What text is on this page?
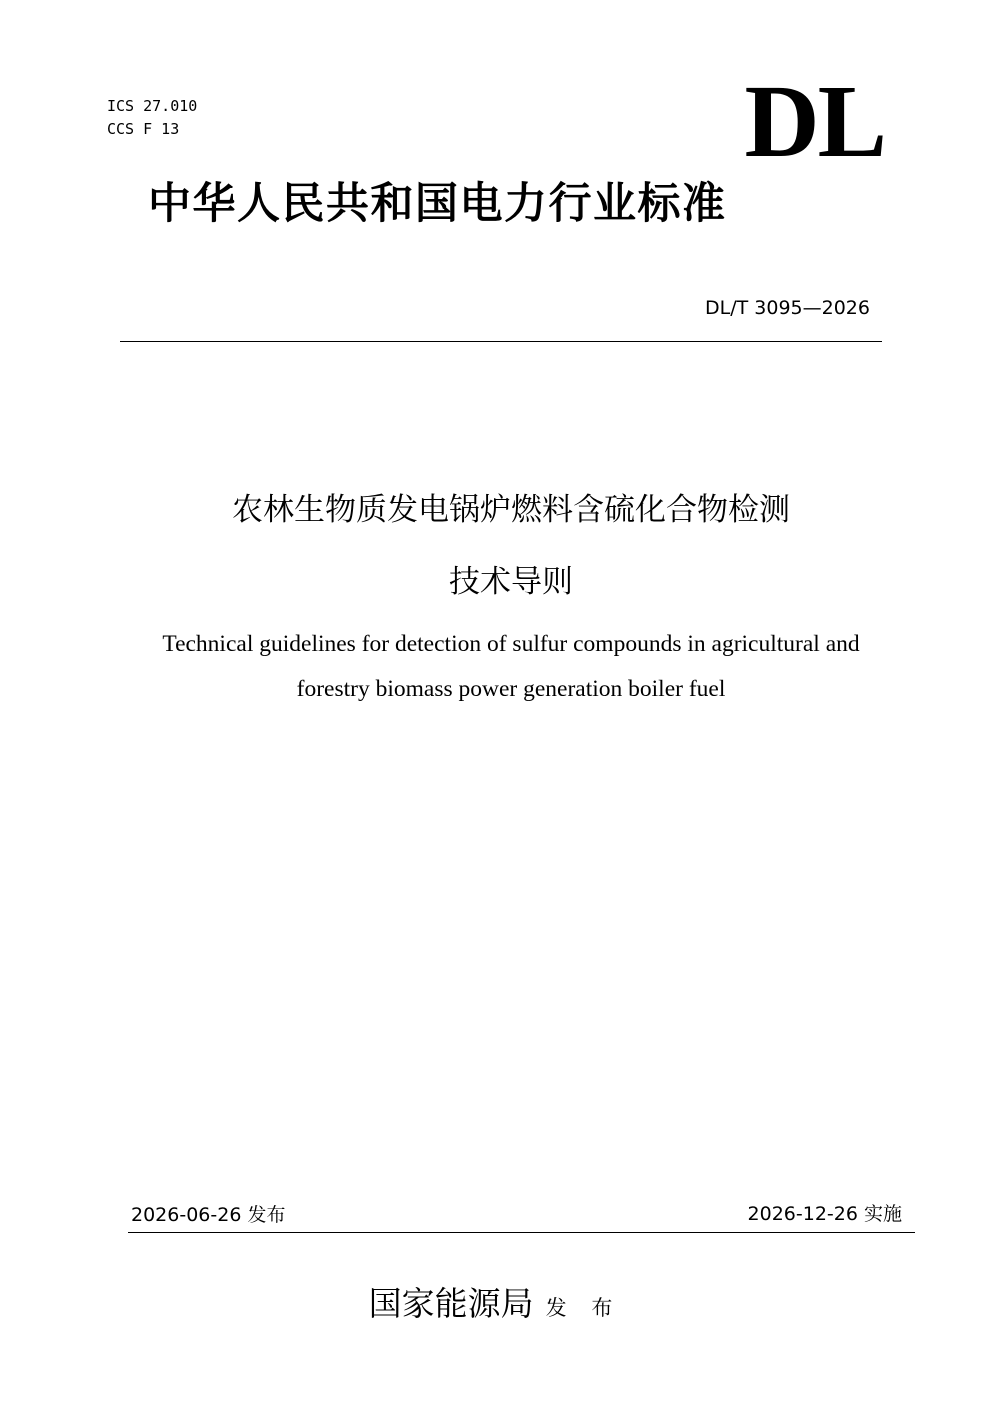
ICS 27.010
CCS F 13	DL
中华人民共和国电力行业标准
DL/T 3095—2026
农林生物质发电锅炉燃料含硫化合物检测
技术导则
Technical guidelines for detection of sulfur compounds in agricultural and
forestry biomass power generation boiler fuel
2026-06-26 发布	2026-12-26 实施
国家能源局 发 布
